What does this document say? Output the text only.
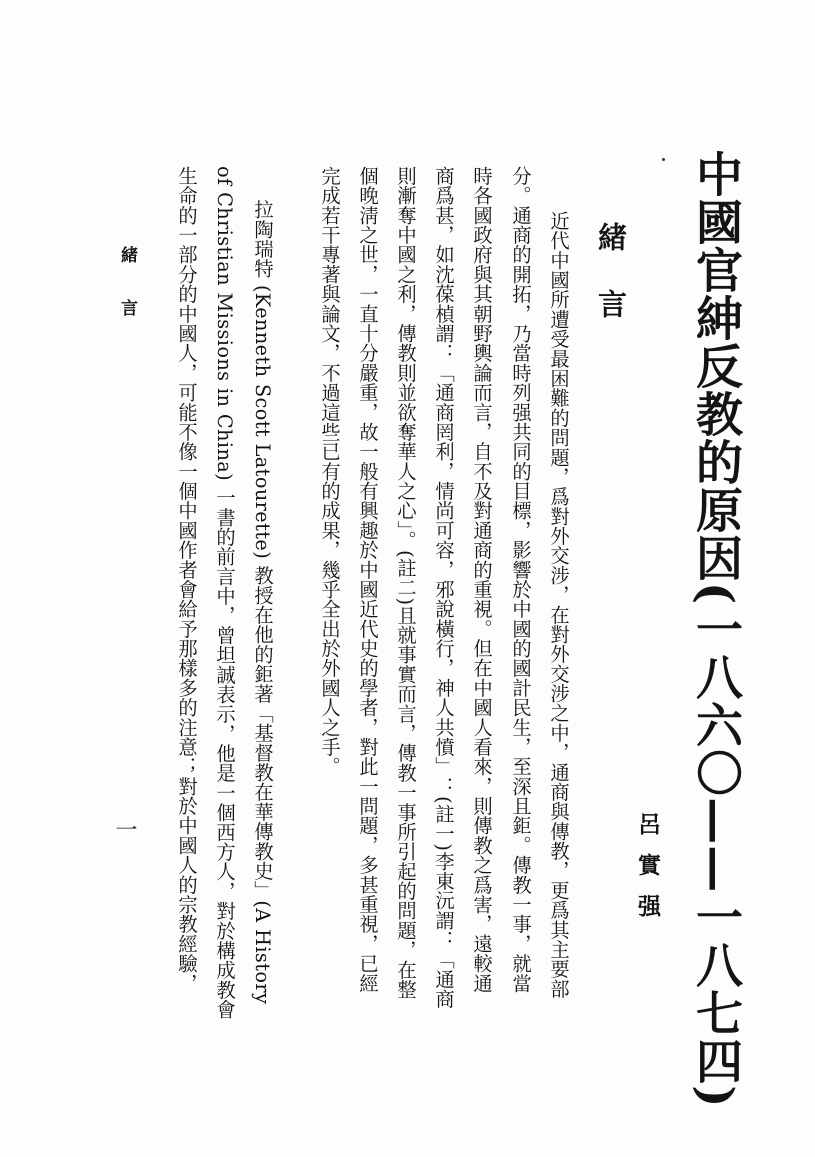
中國官紳反教的原因(一八六〇——一八七四)
呂實强
緒言
近代中國所遭受最困難的問題，爲對外交涉，在對外交涉之中，通商與傳教，更爲其主要部
分。通商的開拓，乃當時列强共同的目標，影響於中國的國計民生，至深且鉅。傳教一事，就當
時各國政府與其朝野輿論而言，自不及對通商的重視。但在中國人看來，則傳教之爲害，遠較通
商爲甚，如沈葆楨謂：「通商罔利，情尚可容，邪說橫行，神人共憤」：(註一)李東沅謂：「通商
則漸奪中國之利，傳教則並欲奪華人之心」。(註二)且就事實而言，傳教一事所引起的問題，在整
個晚淸之世，一直十分嚴重，故一般有興趣於中國近代史的學者，對此一問題，多甚重視，已經
完成若干專著與論文，不過這些已有的成果，幾乎全出於外國人之手。
　拉陶瑞特 (Kenneth Scott Latourette) 教授在他的鉅著「基督教在華傳教史」(A History
of Christian Missions in China) 一書的前言中，曾坦誠表示，他是一個西方人，對於構成教會
生命的一部分的中國人，可能不像一個中國作者會給予那樣多的注意；對於中國人的宗教經驗，
緒言
一
